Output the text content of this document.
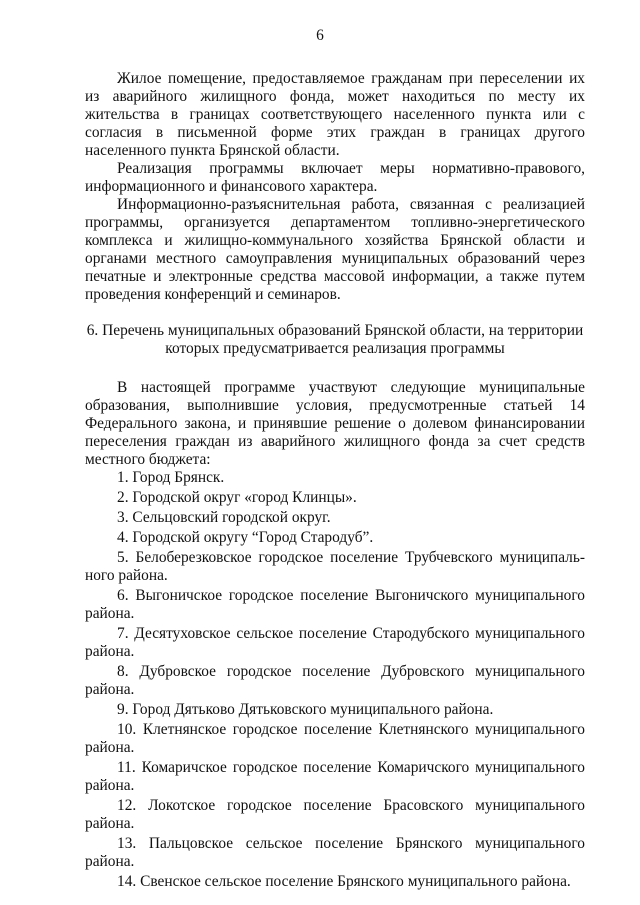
6

Жилое помещение, предоставляемое гражданам при переселении их из аварийного жилищного фонда, может находиться по месту их жительства в границах соответствующего населенного пункта или с согласия в письменной форме этих граждан в границах другого населенного пункта Брянской области.

Реализация программы включает меры нормативно-правового, информационного и финансового характера.

Информационно-разъяснительная работа, связанная с реализацией программы, организуется департаментом топливно-энергетического комплекса и жилищно-коммунального хозяйства Брянской области и органами местного самоуправления муниципальных образований через печатные и электронные средства массовой информации, а также путем проведения конференций и семинаров.

6. Перечень муниципальных образований Брянской области, на территории которых предусматривается реализация программы

В настоящей программе участвуют следующие муниципальные образования, выполнившие условия, предусмотренные статьей 14 Федерального закона, и принявшие решение о долевом финансировании переселения граждан из аварийного жилищного фонда за счет средств местного бюджета:

1. Город Брянск.

2. Городской округ «город Клинцы».

3. Сельцовский городской округ.

4. Городской округу “Город Стародуб”.

5. Белоберезковское городское поселение Трубчевского муниципаль-ного района.

6. Выгоничское городское поселение Выгоничского муниципального района.

7. Десятуховское сельское поселение Стародубского муниципального района.

8. Дубровское городское поселение Дубровского муниципального района.

9. Город Дятьково Дятьковского муниципального района.

10. Клетнянское городское поселение Клетнянского муниципального района.

11. Комаричское городское поселение Комаричского муниципального района.

12. Локотское городское поселение Брасовского муниципального района.

13. Пальцовское сельское поселение Брянского муниципального района.

14. Свенское сельское поселение Брянского муниципального района.
